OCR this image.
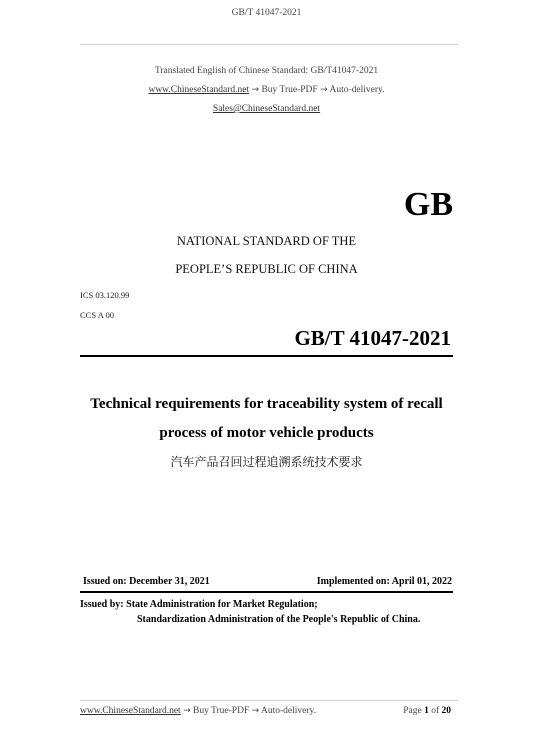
GB/T 41047-2021
Translated English of Chinese Standard: GB/T41047-2021
www.ChineseStandard.net → Buy True-PDF → Auto-delivery.
Sales@ChineseStandard.net
GB
NATIONAL STANDARD OF THE
PEOPLE’S REPUBLIC OF CHINA
ICS 03.120.99
CCS A 00
GB/T 41047-2021
Technical requirements for traceability system of recall
process of motor vehicle products
汽车产品召回过程追溯系统技术要求
Issued on: December 31, 2021	Implemented on: April 01, 2022
Issued by: State Administration for Market Regulation;
Standardization Administration of the People's Republic of China.
www.ChineseStandard.net → Buy True-PDF → Auto-delivery.	Page 1 of 20
